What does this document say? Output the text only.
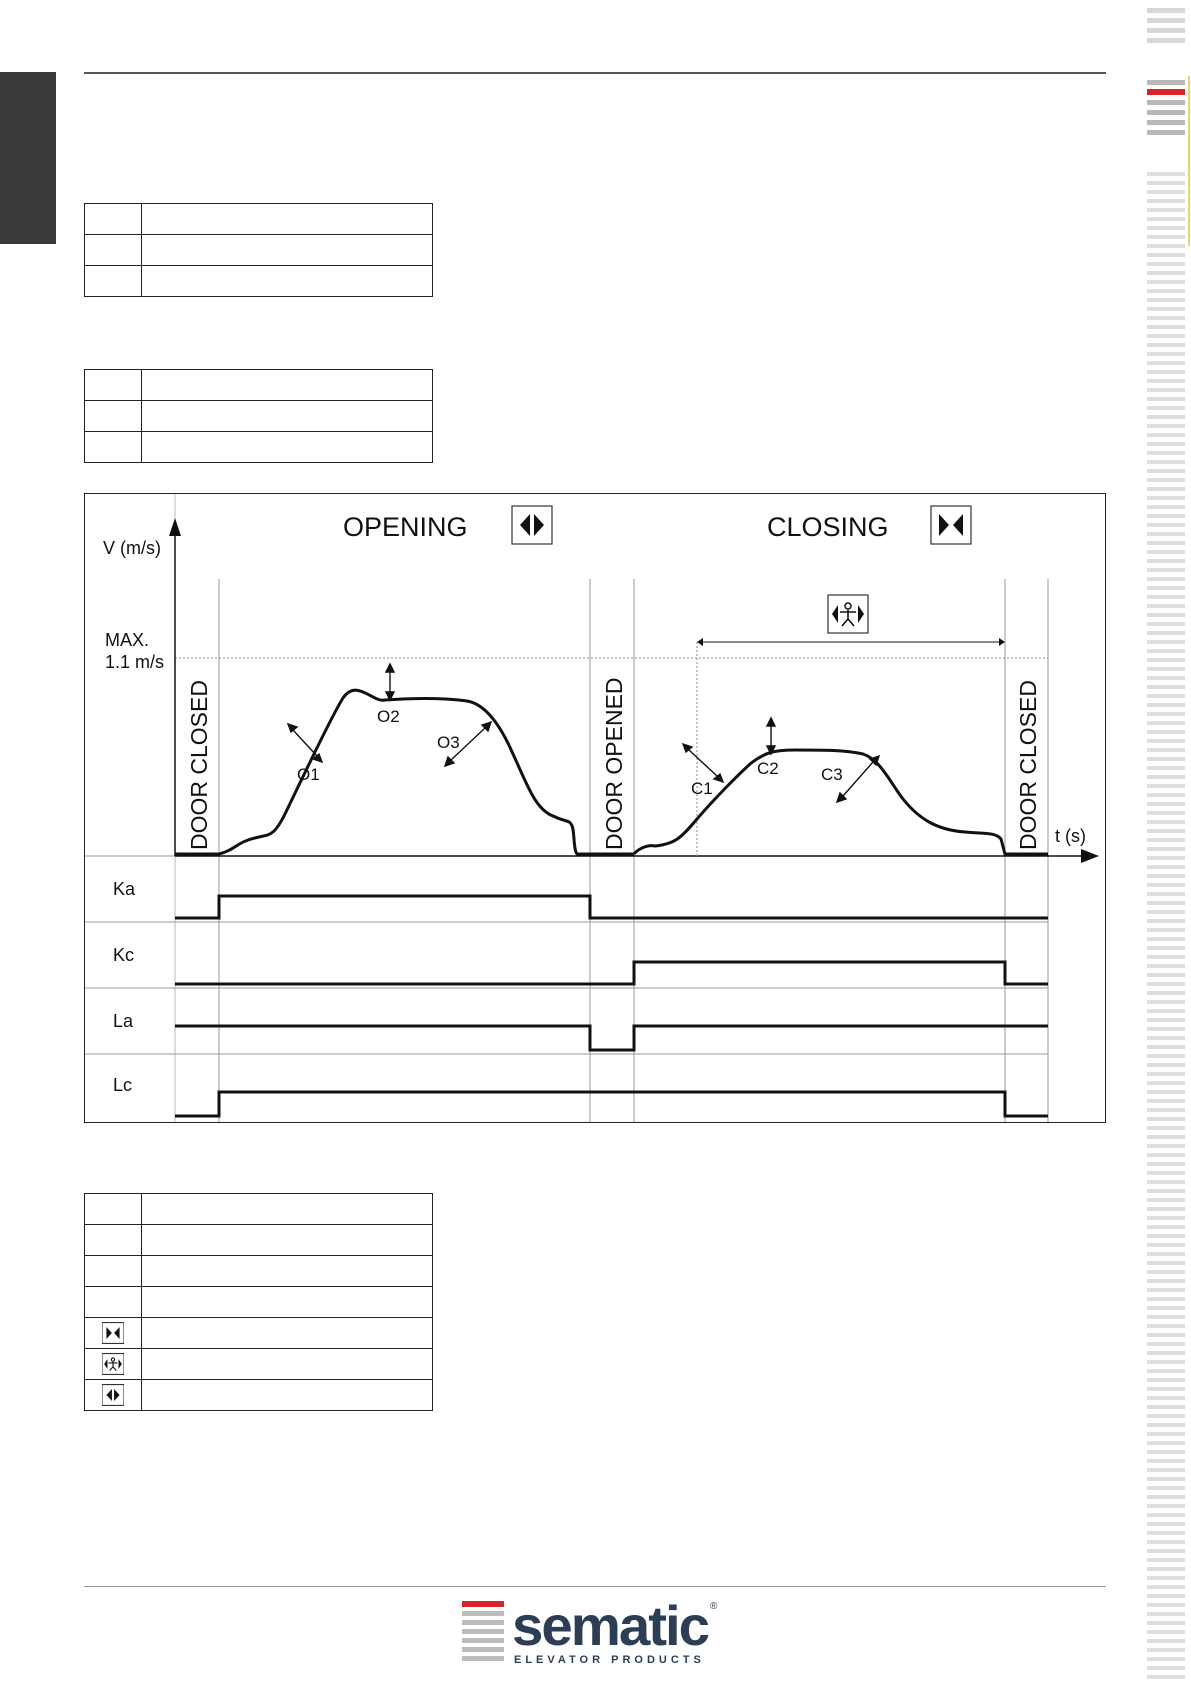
V (m/s)
MAX.
1.1 m/s
t (s)
OPENING	CLOSING
DOOR CLOSED	DOOR OPENED	DOOR CLOSED
O1
O2
O3
C1
C2 C3
Ka
Kc
La
Lc

sematic ®
ELEVATOR PRODUCTS
